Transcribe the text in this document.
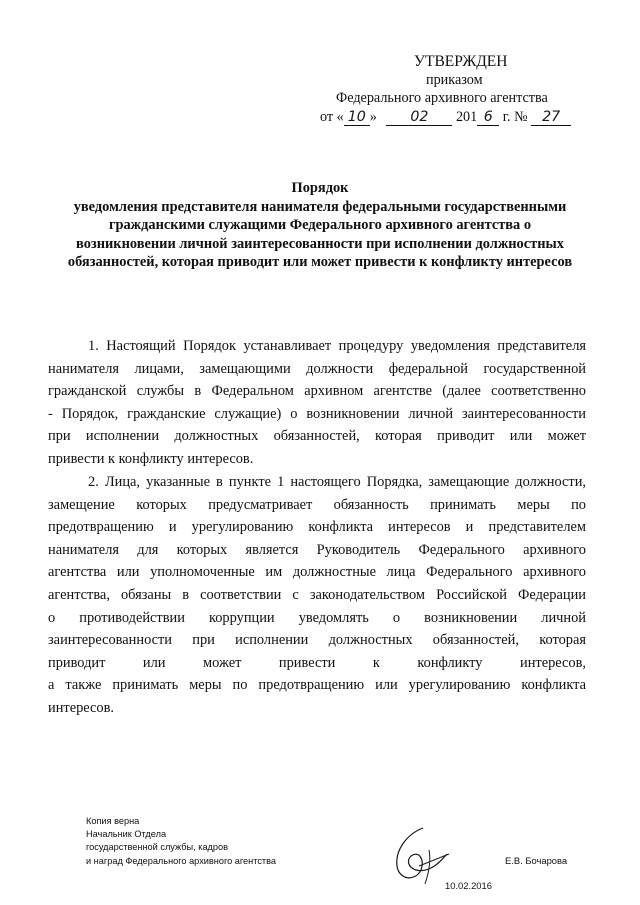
УТВЕРЖДЕН
приказом
Федерального архивного агентства
от « 10 » 02 201 6 г. № 27
Порядок
уведомления представителя нанимателя федеральными государственными
гражданскими служащими Федерального архивного агентства о
возникновении личной заинтересованности при исполнении должностных
обязанностей, которая приводит или может привести к конфликту интересов
1. Настоящий Порядок устанавливает процедуру уведомления представителя
нанимателя лицами, замещающими должности федеральной государственной
гражданской службы в Федеральном архивном агентстве (далее соответственно
- Порядок, гражданские служащие) о возникновении личной заинтересованности
при исполнении должностных обязанностей, которая приводит или может
привести к конфликту интересов.
2. Лица, указанные в пункте 1 настоящего Порядка, замещающие должности,
замещение которых предусматривает обязанность принимать меры по
предотвращению и урегулированию конфликта интересов и представителем
нанимателя для которых является Руководитель Федерального архивного
агентства или уполномоченные им должностные лица Федерального архивного
агентства, обязаны в соответствии с законодательством Российской Федерации
о противодействии коррупции уведомлять о возникновении личной
заинтересованности при исполнении должностных обязанностей, которая
приводит или может привести к конфликту интересов,
а также принимать меры по предотвращению или урегулированию конфликта
интересов.
Копия верна
Начальник Отдела
государственной службы, кадров
и наград Федерального архивного агентства	Е.В. Бочарова
10.02.2016
